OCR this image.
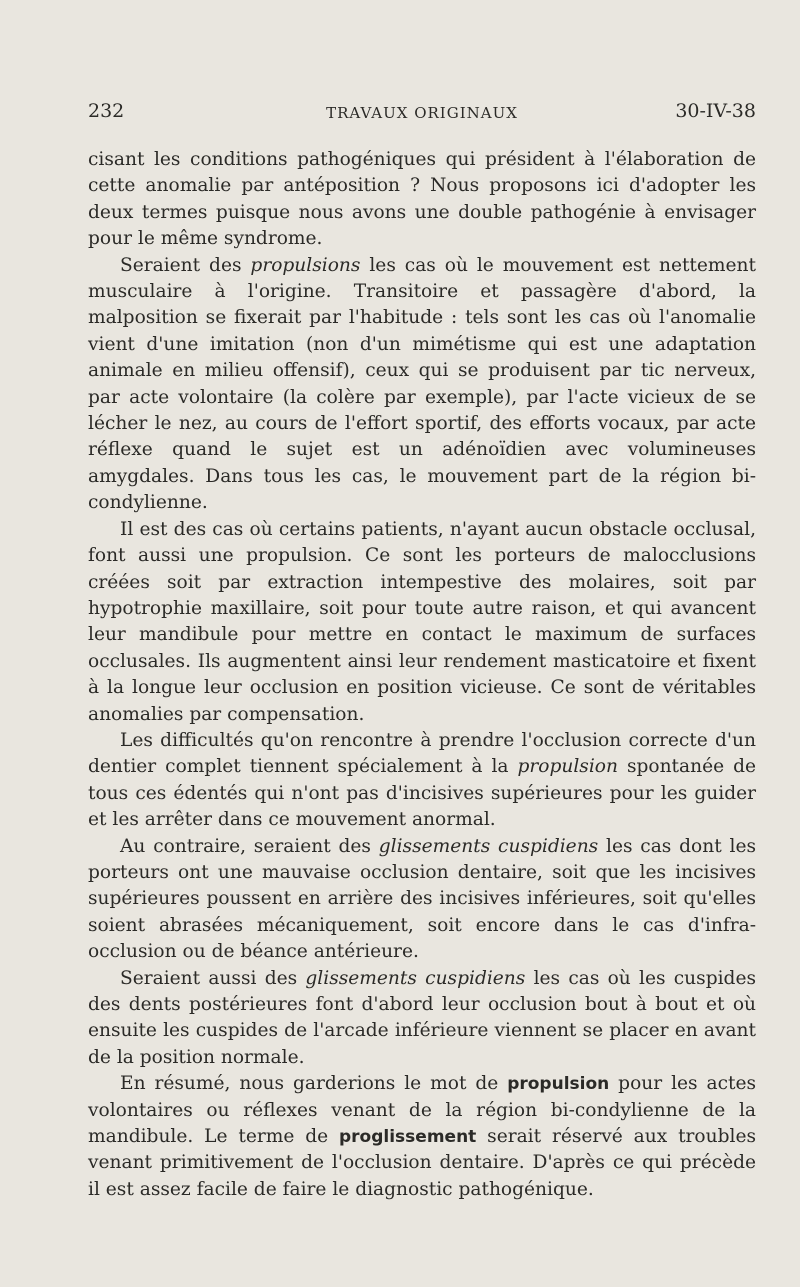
232	TRAVAUX ORIGINAUX	30-IV-38

cisant les conditions pathogéniques qui président à l'élaboration de cette anomalie par antéposition ? Nous proposons ici d'adopter les deux termes puisque nous avons une double pathogénie à envisager pour le même syndrome.

Seraient des propulsions les cas où le mouvement est nettement musculaire à l'origine. Transitoire et passagère d'abord, la malposition se fixerait par l'habitude : tels sont les cas où l'anomalie vient d'une imitation (non d'un mimétisme qui est une adaptation animale en milieu offensif), ceux qui se produisent par tic nerveux, par acte volontaire (la colère par exemple), par l'acte vicieux de se lécher le nez, au cours de l'effort sportif, des efforts vocaux, par acte réflexe quand le sujet est un adénoïdien avec volumineuses amygdales. Dans tous les cas, le mouvement part de la région bi-condylienne.

Il est des cas où certains patients, n'ayant aucun obstacle occlusal, font aussi une propulsion. Ce sont les porteurs de malocclusions créées soit par extraction intempestive des molaires, soit par hypotrophie maxillaire, soit pour toute autre raison, et qui avancent leur mandibule pour mettre en contact le maximum de surfaces occlusales. Ils augmentent ainsi leur rendement masticatoire et fixent à la longue leur occlusion en position vicieuse. Ce sont de véritables anomalies par compensation.

Les difficultés qu'on rencontre à prendre l'occlusion correcte d'un dentier complet tiennent spécialement à la propulsion spontanée de tous ces édentés qui n'ont pas d'incisives supérieures pour les guider et les arrêter dans ce mouvement anormal.

Au contraire, seraient des glissements cuspidiens les cas dont les porteurs ont une mauvaise occlusion dentaire, soit que les incisives supérieures poussent en arrière des incisives inférieures, soit qu'elles soient abrasées mécaniquement, soit encore dans le cas d'infra-occlusion ou de béance antérieure.

Seraient aussi des glissements cuspidiens les cas où les cuspides des dents postérieures font d'abord leur occlusion bout à bout et où ensuite les cuspides de l'arcade inférieure viennent se placer en avant de la position normale.

En résumé, nous garderions le mot de propulsion pour les actes volontaires ou réflexes venant de la région bi-condylienne de la mandibule. Le terme de proglissement serait réservé aux troubles venant primitivement de l'occlusion dentaire. D'après ce qui précède il est assez facile de faire le diagnostic pathogénique.
